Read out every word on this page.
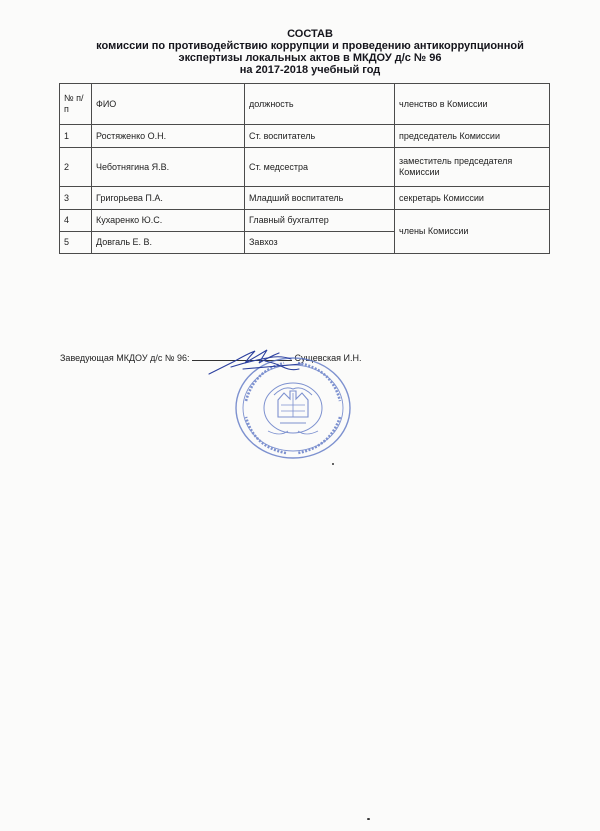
СОСТАВ
комиссии по противодействию коррупции и проведению антикоррупционной
экспертизы локальных актов в МКДОУ д/с № 96
на 2017-2018 учебный год
№ п/п	ФИО	должность	членство в Комиссии
1	Ростяженко О.Н.	Ст. воспитатель	председатель Комиссии
2	Чеботнягина Я.В.	Ст. медсестра	заместитель председателя Комиссии
3	Григорьева П.А.	Младший воспитатель	секретарь Комиссии
4	Кухаренко Ю.С.	Главный бухгалтер	члены Комиссии
5	Довгаль Е. В.	Завхоз	
Заведующая МКДОУ д/с № 96:	Сущевская И.Н.
